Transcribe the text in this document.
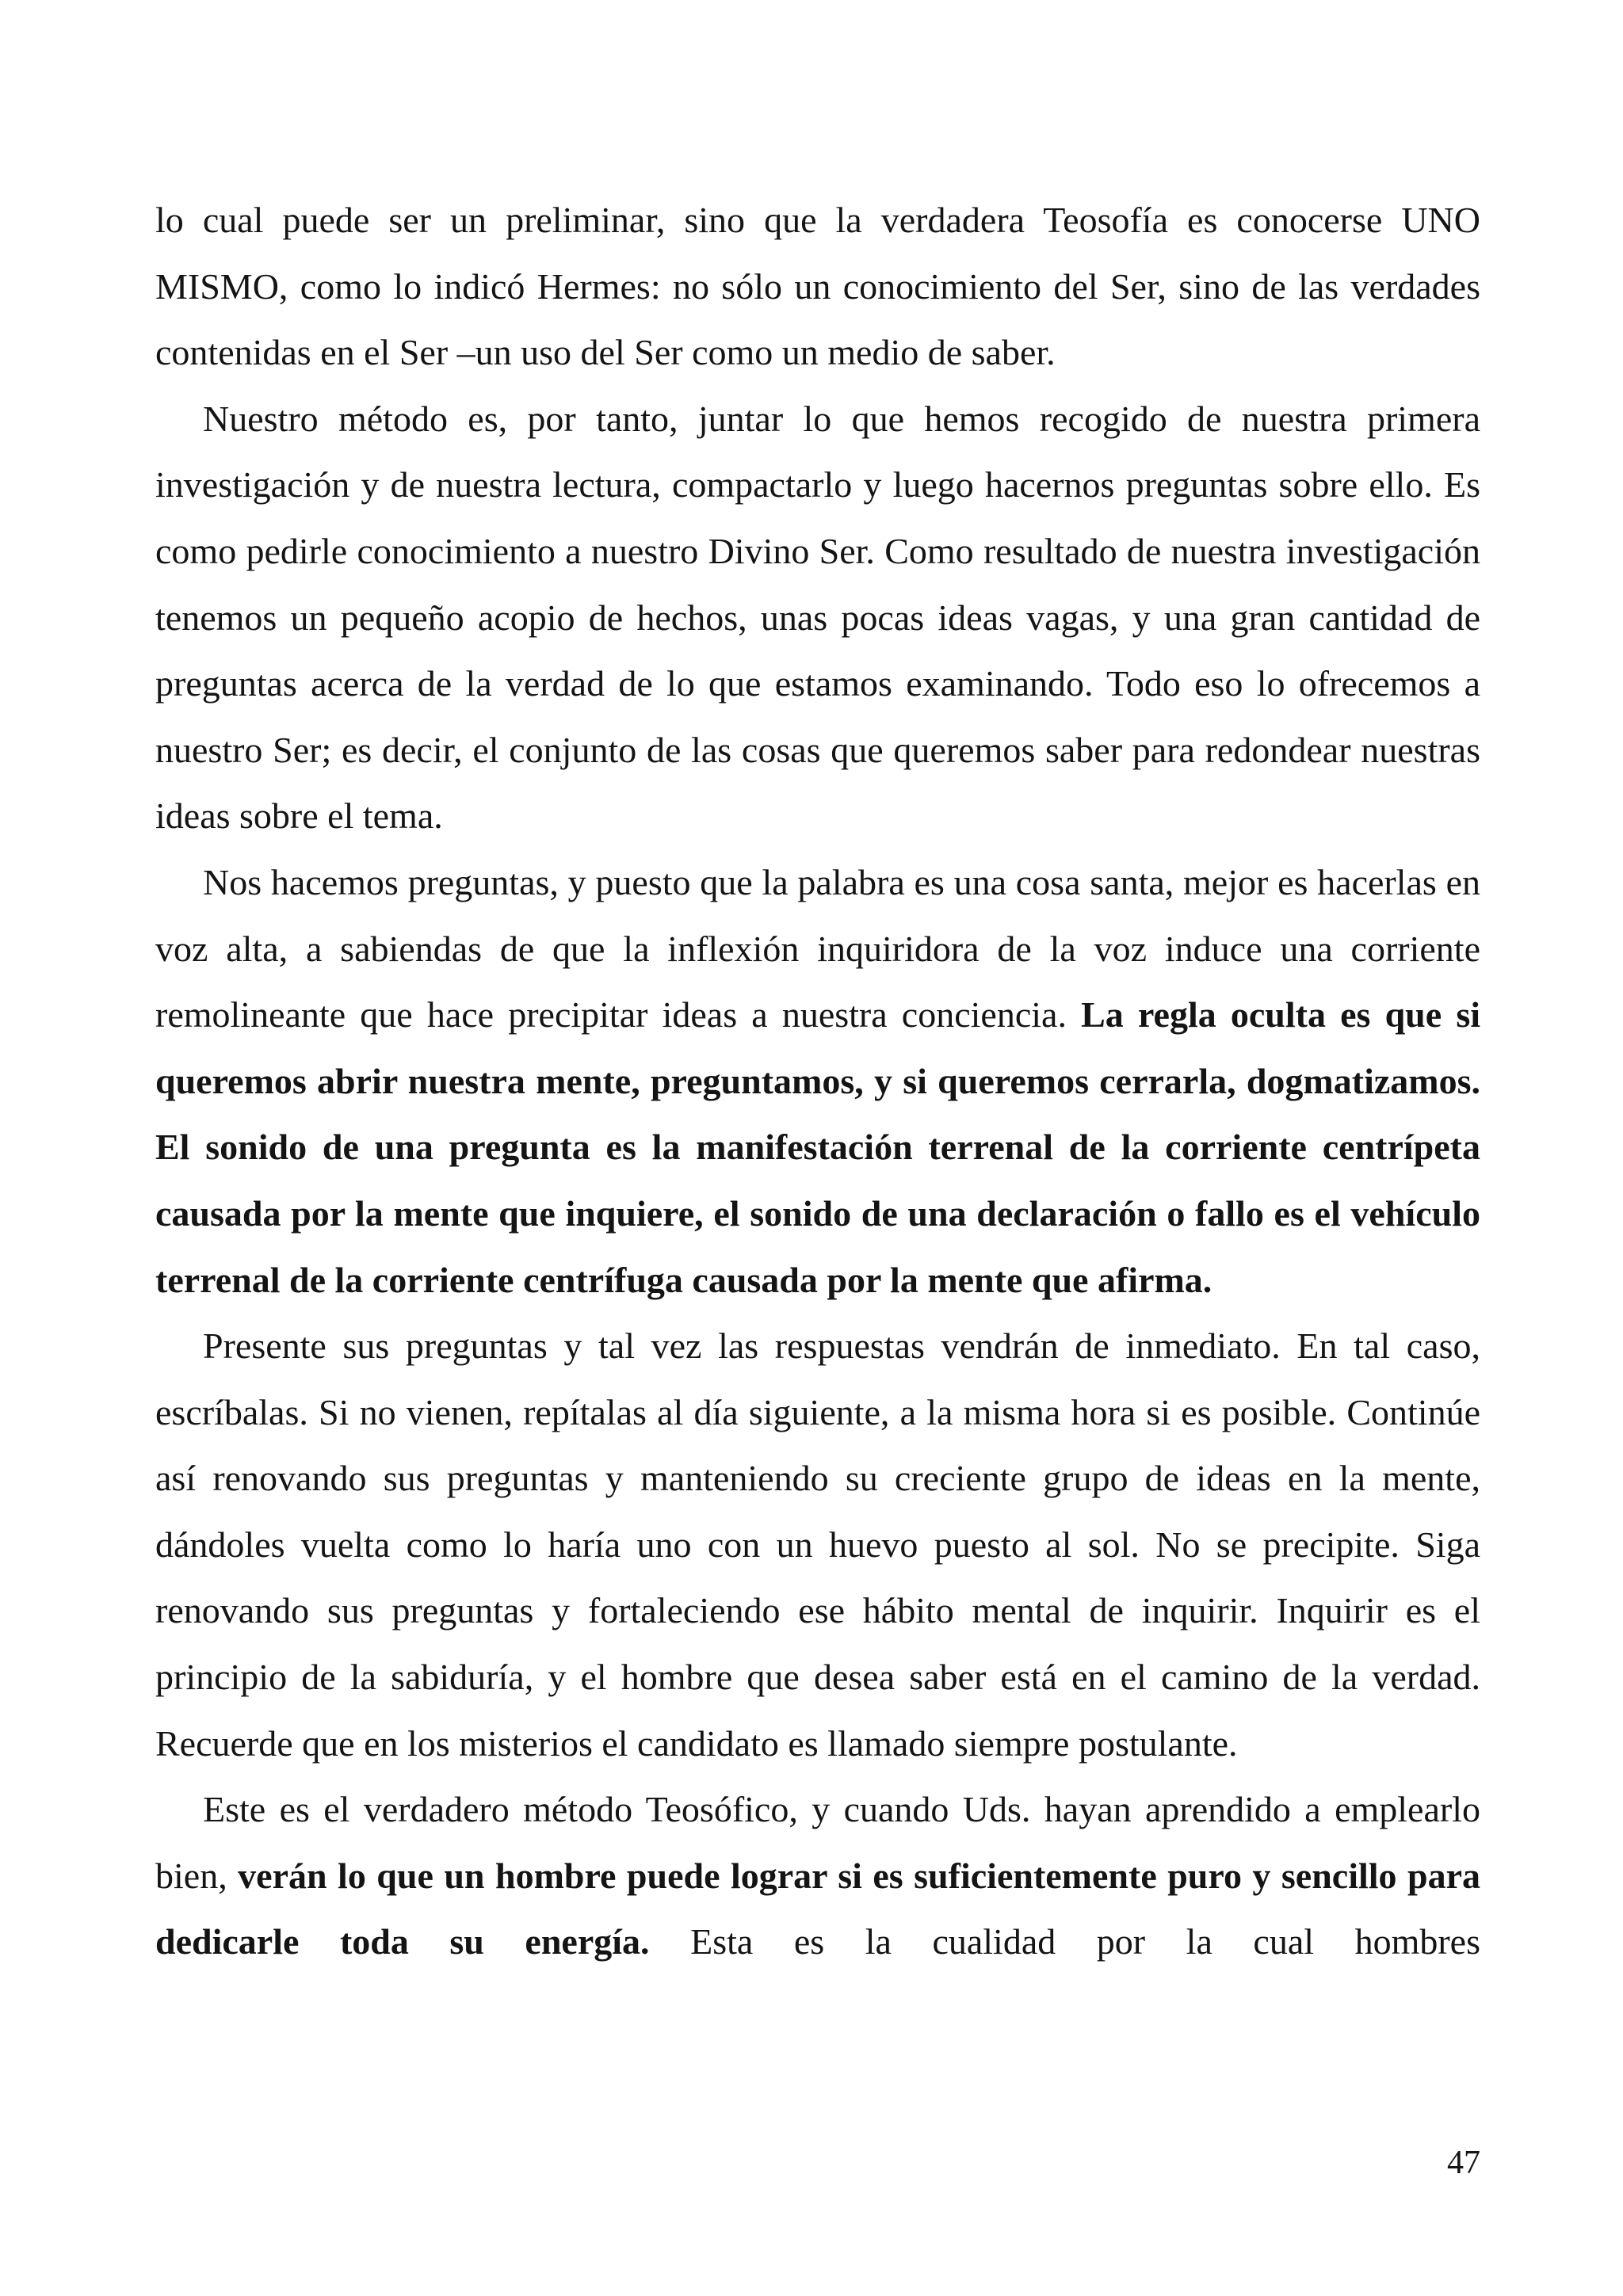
lo cual puede ser un preliminar, sino que la verdadera Teosofía es conocerse UNO MISMO, como lo indicó Hermes: no sólo un conocimiento del Ser, sino de las verdades contenidas en el Ser –un uso del Ser como un medio de saber.

Nuestro método es, por tanto, juntar lo que hemos recogido de nuestra primera investigación y de nuestra lectura, compactarlo y luego hacernos preguntas sobre ello. Es como pedirle conocimiento a nuestro Divino Ser. Como resultado de nuestra investigación tenemos un pequeño acopio de hechos, unas pocas ideas vagas, y una gran cantidad de preguntas acerca de la verdad de lo que estamos examinando. Todo eso lo ofrecemos a nuestro Ser; es decir, el conjunto de las cosas que queremos saber para redondear nuestras ideas sobre el tema.

Nos hacemos preguntas, y puesto que la palabra es una cosa santa, mejor es hacerlas en voz alta, a sabiendas de que la inflexión inquiridora de la voz induce una corriente remolineante que hace precipitar ideas a nuestra conciencia. La regla oculta es que si queremos abrir nuestra mente, preguntamos, y si queremos cerrarla, dogmatizamos. El sonido de una pregunta es la manifestación terrenal de la corriente centrípeta causada por la mente que inquiere, el sonido de una declaración o fallo es el vehículo terrenal de la corriente centrífuga causada por la mente que afirma.

Presente sus preguntas y tal vez las respuestas vendrán de inmediato. En tal caso, escríbalas. Si no vienen, repítalas al día siguiente, a la misma hora si es posible. Continúe así renovando sus preguntas y manteniendo su creciente grupo de ideas en la mente, dándoles vuelta como lo haría uno con un huevo puesto al sol. No se precipite. Siga renovando sus preguntas y fortaleciendo ese hábito mental de inquirir. Inquirir es el principio de la sabiduría, y el hombre que desea saber está en el camino de la verdad. Recuerde que en los misterios el candidato es llamado siempre postulante.

Este es el verdadero método Teosófico, y cuando Uds. hayan aprendido a emplearlo bien, verán lo que un hombre puede lograr si es suficientemente puro y sencillo para dedicarle toda su energía. Esta es la cualidad por la cual hombres

47
